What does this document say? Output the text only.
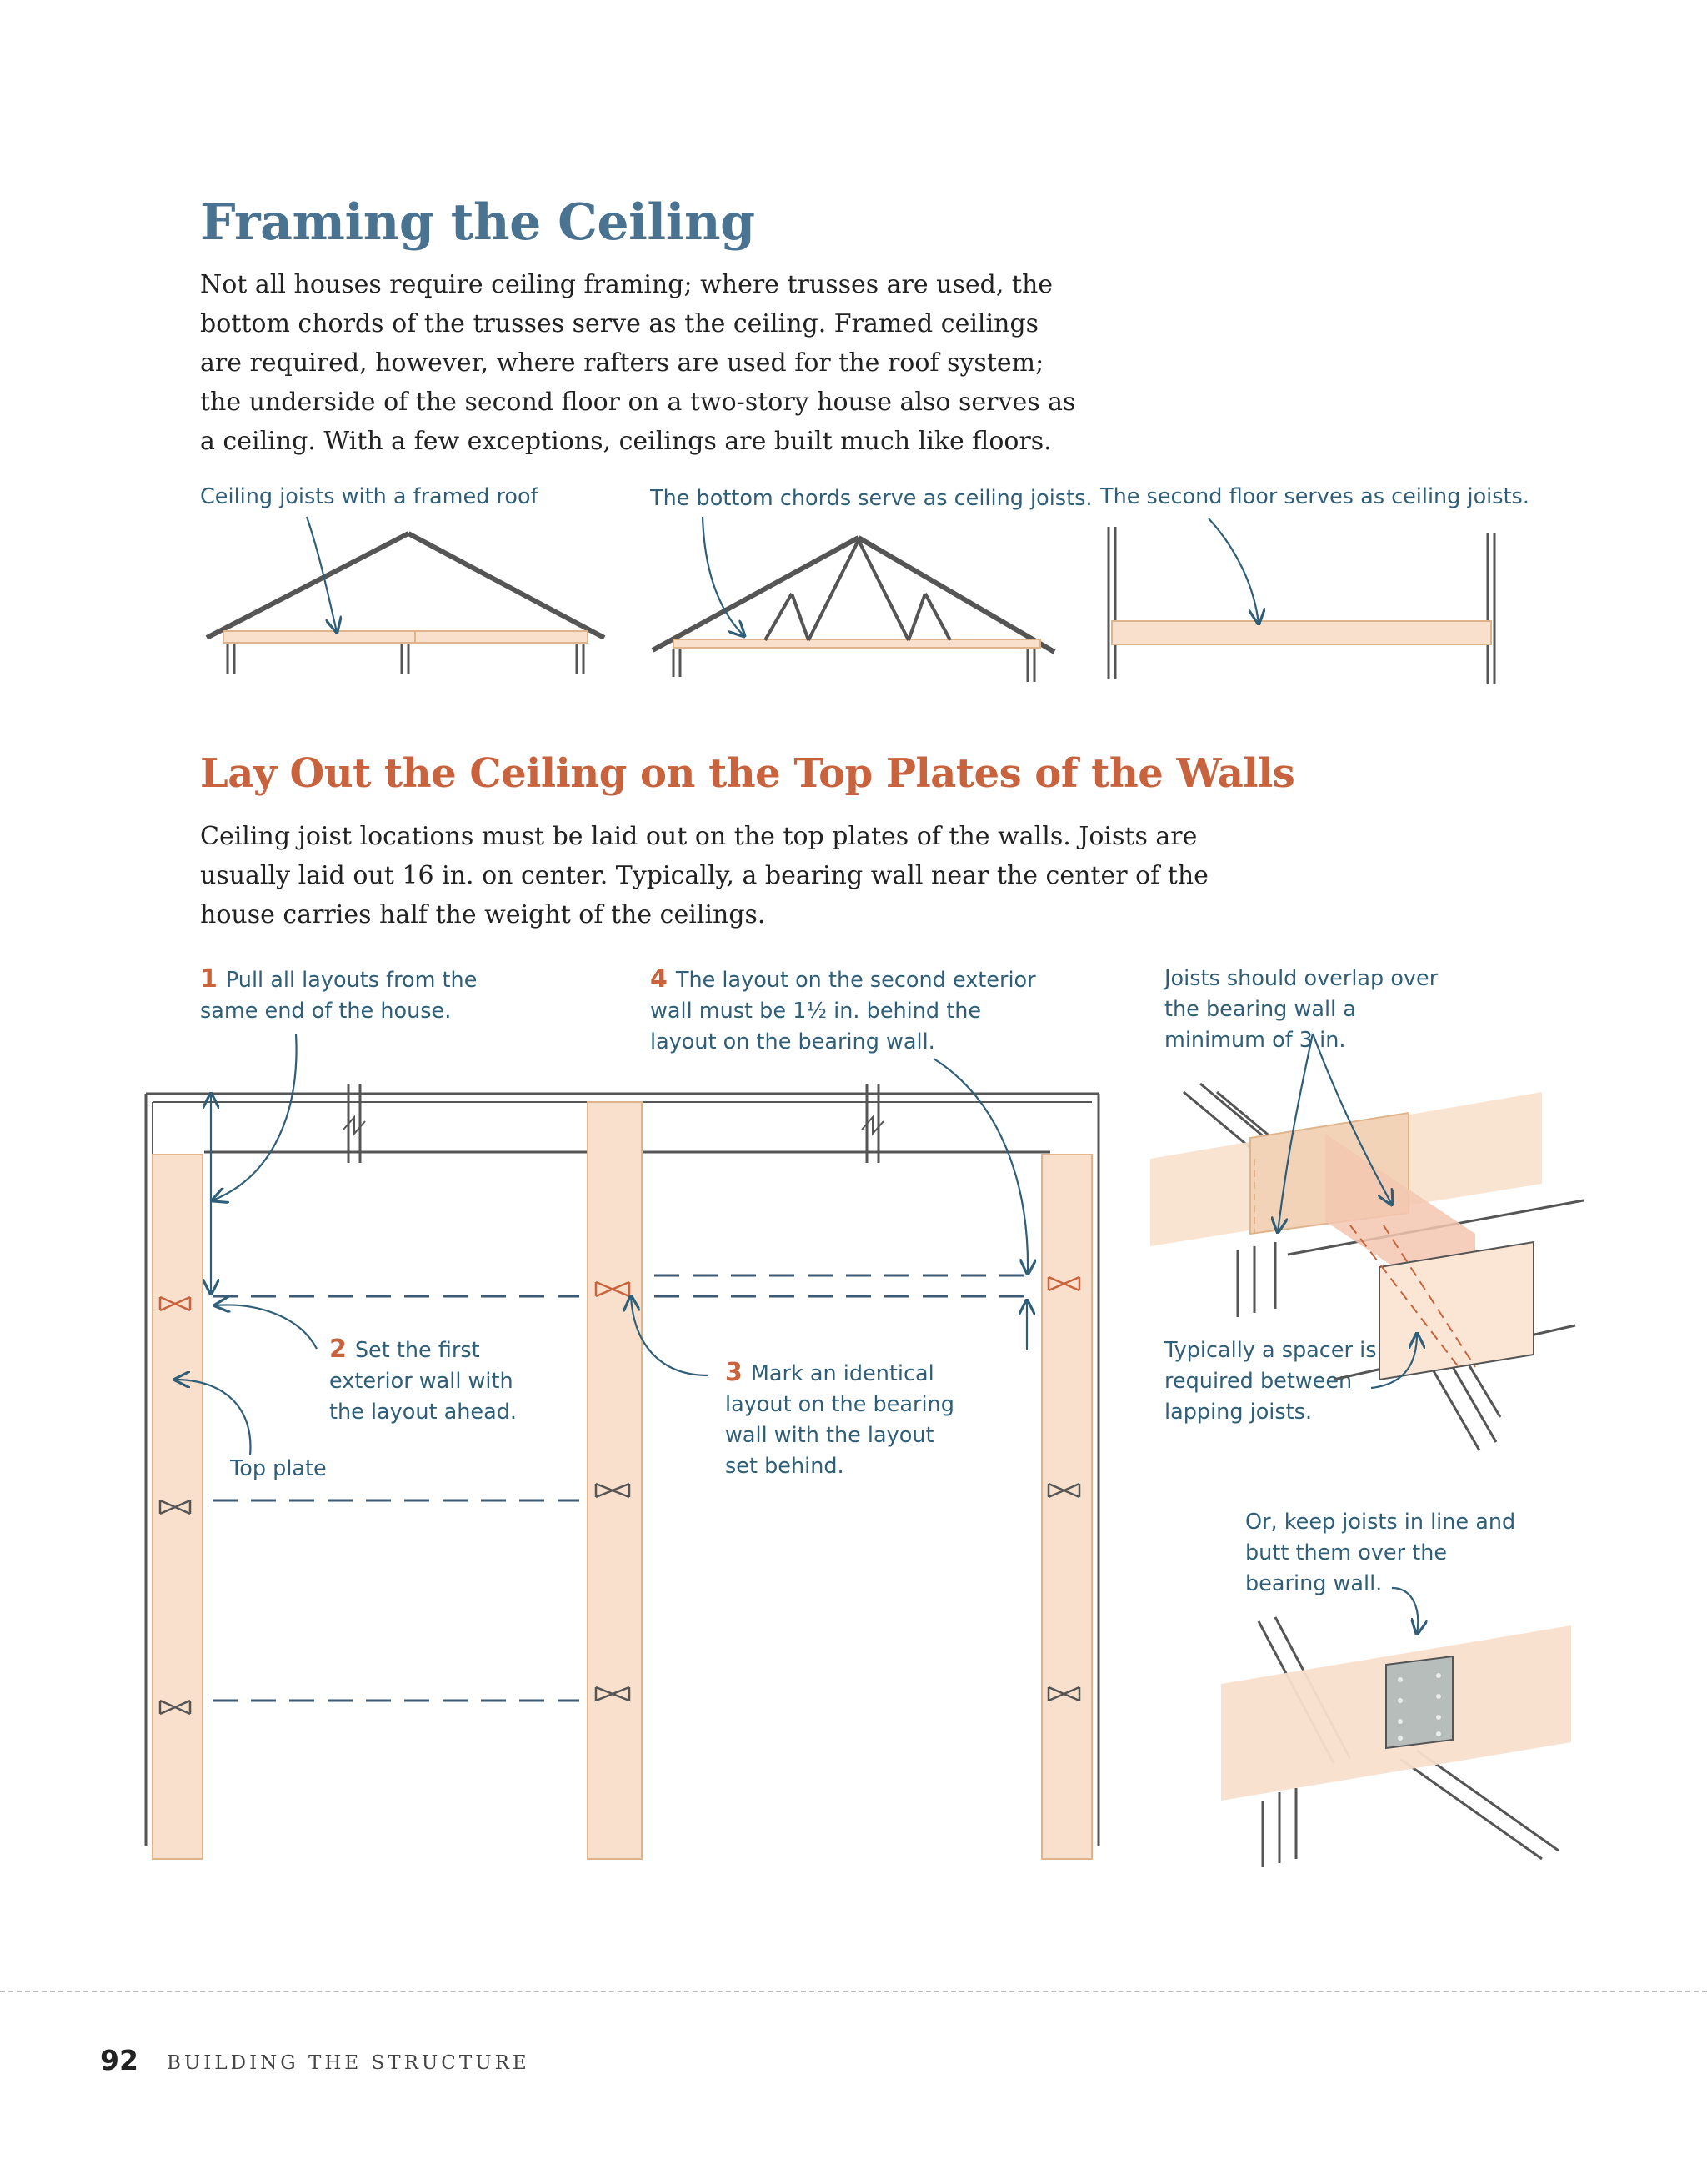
Framing the Ceiling

Not all houses require ceiling framing; where trusses are used, the bottom chords of the trusses serve as the ceiling. Framed ceilings are required, however, where rafters are used for the roof system; the underside of the second floor on a two-story house also serves as a ceiling. With a few exceptions, ceilings are built much like floors.

Ceiling joists with a framed roof	The bottom chords serve as ceiling joists. The second floor serves as ceiling joists.

Lay Out the Ceiling on the Top Plates of the Walls

Ceiling joist locations must be laid out on the top plates of the walls. Joists are usually laid out 16 in. on center. Typically, a bearing wall near the center of the house carries half the weight of the ceilings.

1 Pull all layouts from the same end of the house.

2 Set the first exterior wall with the layout ahead.

3 Mark an identical layout on the bearing wall with the layout set behind.

4 The layout on the second exterior wall must be 1½ in. behind the layout on the bearing wall.

Top plate

Joists should overlap over the bearing wall a minimum of 3 in.

Typically a spacer is required between lapping joists.

Or, keep joists in line and butt them over the bearing wall.

92 BUILDING THE STRUCTURE
